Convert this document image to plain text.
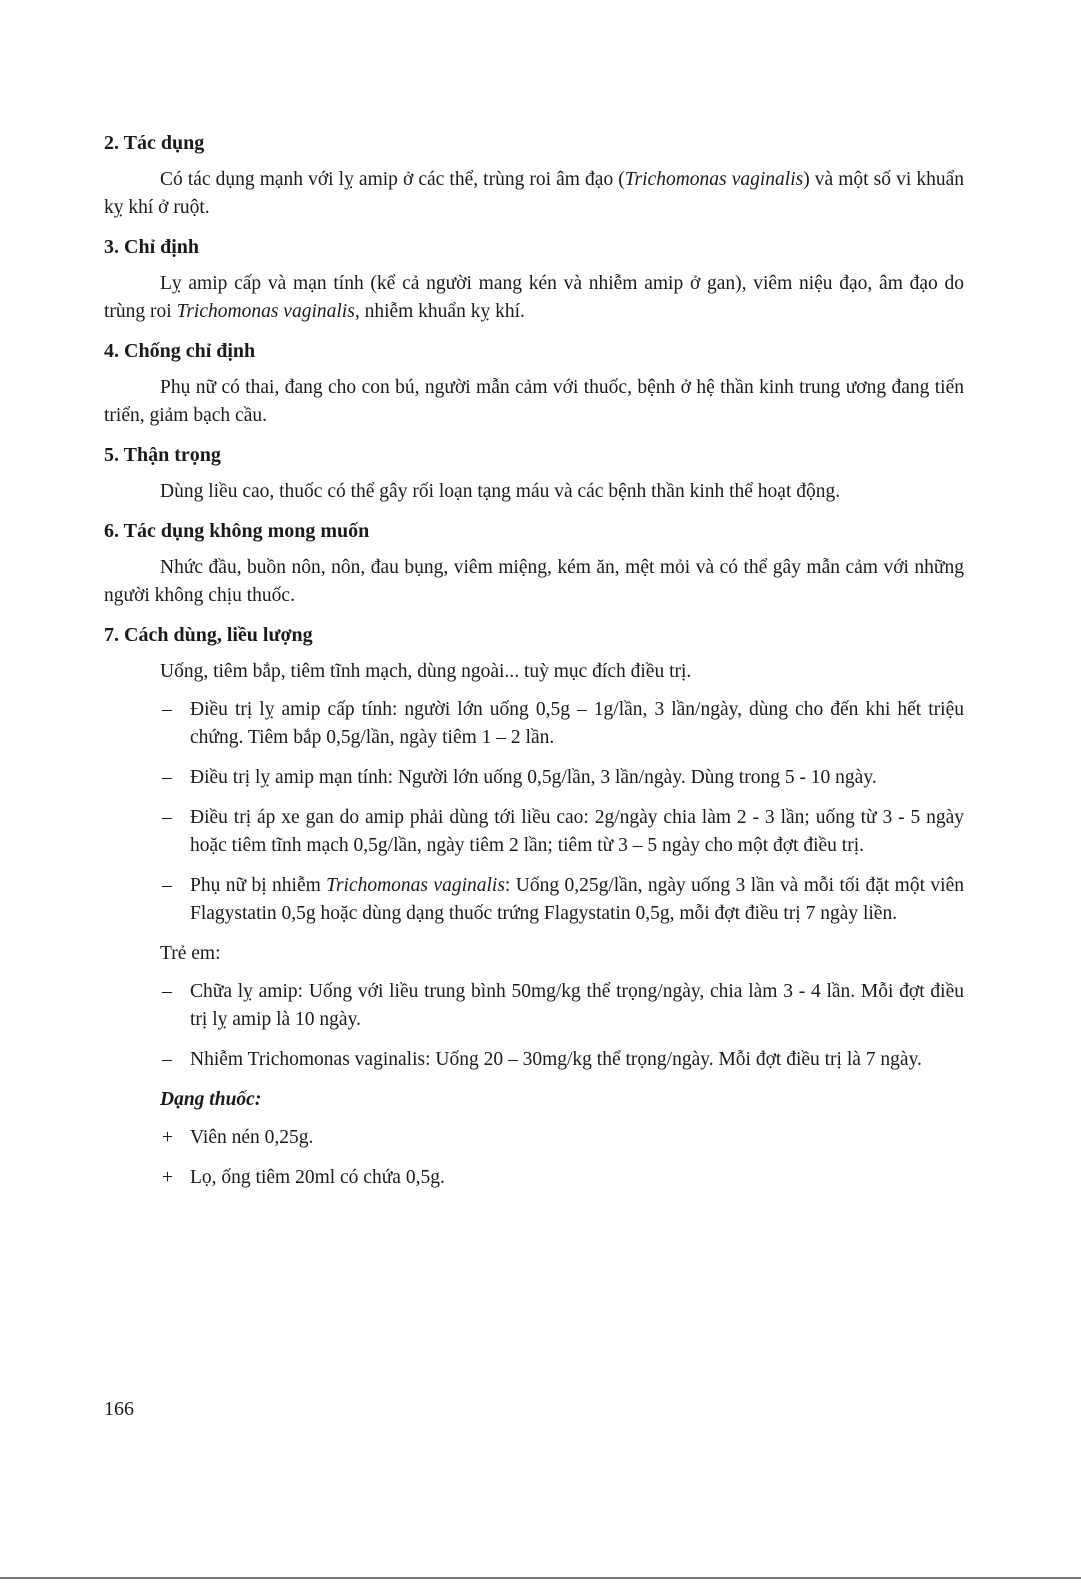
2. Tác dụng

Có tác dụng mạnh với lỵ amip ở các thể, trùng roi âm đạo (Trichomonas vaginalis) và một số vi khuẩn kỵ khí ở ruột.

3. Chỉ định

Lỵ amip cấp và mạn tính (kể cả người mang kén và nhiễm amip ở gan), viêm niệu đạo, âm đạo do trùng roi Trichomonas vaginalis, nhiễm khuẩn kỵ khí.

4. Chống chỉ định

Phụ nữ có thai, đang cho con bú, người mẫn cảm với thuốc, bệnh ở hệ thần kinh trung ương đang tiến triển, giảm bạch cầu.

5. Thận trọng

Dùng liều cao, thuốc có thể gây rối loạn tạng máu và các bệnh thần kinh thể hoạt động.

6. Tác dụng không mong muốn

Nhức đầu, buồn nôn, nôn, đau bụng, viêm miệng, kém ăn, mệt mỏi và có thể gây mẫn cảm với những người không chịu thuốc.

7. Cách dùng, liều lượng

Uống, tiêm bắp, tiêm tĩnh mạch, dùng ngoài... tuỳ mục đích điều trị.

– Điều trị lỵ amip cấp tính: người lớn uống 0,5g – 1g/lần, 3 lần/ngày, dùng cho đến khi hết triệu chứng. Tiêm bắp 0,5g/lần, ngày tiêm 1 – 2 lần.
– Điều trị lỵ amip mạn tính: Người lớn uống 0,5g/lần, 3 lần/ngày. Dùng trong 5 - 10 ngày.
– Điều trị áp xe gan do amip phải dùng tới liều cao: 2g/ngày chia làm 2 - 3 lần; uống từ 3 - 5 ngày hoặc tiêm tĩnh mạch 0,5g/lần, ngày tiêm 2 lần; tiêm từ 3 – 5 ngày cho một đợt điều trị.
– Phụ nữ bị nhiễm Trichomonas vaginalis: Uống 0,25g/lần, ngày uống 3 lần và mỗi tối đặt một viên Flagystatin 0,5g hoặc dùng dạng thuốc trứng Flagystatin 0,5g, mỗi đợt điều trị 7 ngày liền.

Trẻ em:

– Chữa lỵ amip: Uống với liều trung bình 50mg/kg thể trọng/ngày, chia làm 3 - 4 lần. Mỗi đợt điều trị lỵ amip là 10 ngày.
– Nhiễm Trichomonas vaginalis: Uống 20 – 30mg/kg thể trọng/ngày. Mỗi đợt điều trị là 7 ngày.
Dạng thuốc:
+ Viên nén 0,25g.
+ Lọ, ống tiêm 20ml có chứa 0,5g.
166
